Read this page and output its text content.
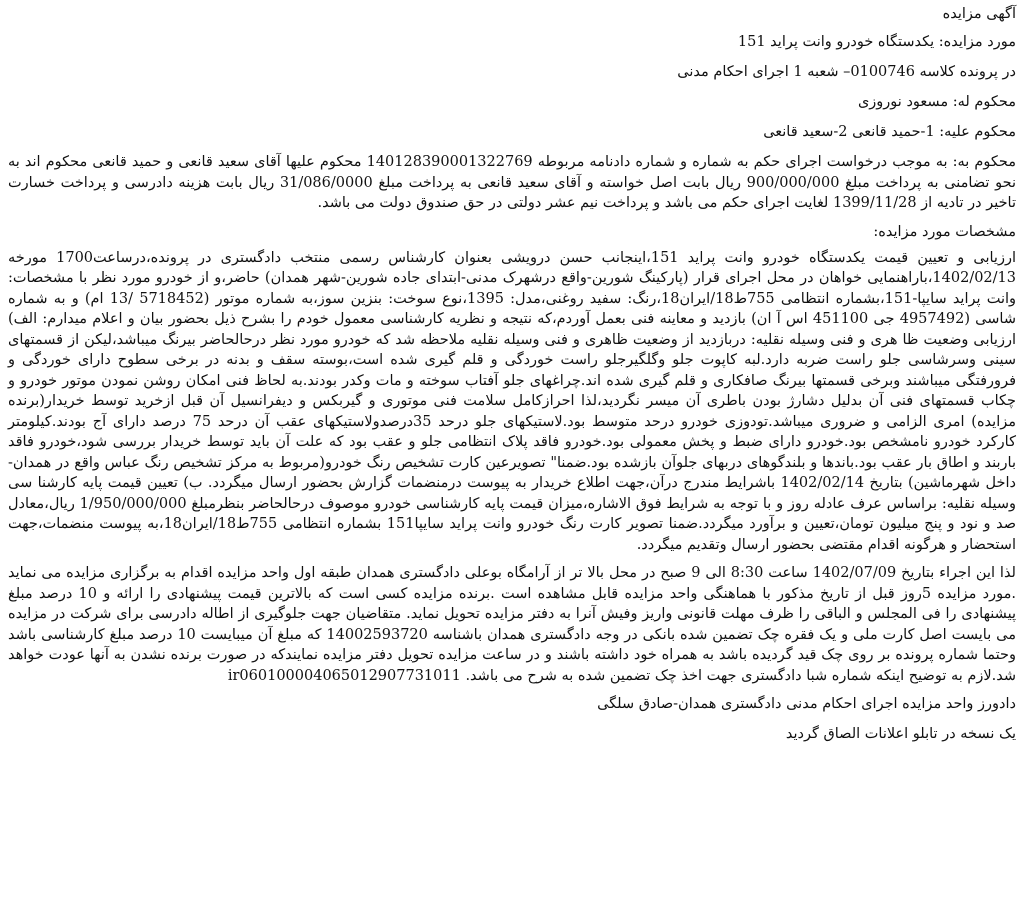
آگهی مزایده

مورد مزایده: یکدستگاه خودرو وانت پراید 151

در پرونده کلاسه 0100746– شعبه 1 اجرای احکام مدنی

محکوم له: مسعود نوروزی

محکوم علیه: 1-حمید قانعی 2-سعید قانعی

محکوم به: به موجب درخواست اجرای حکم به شماره و شماره دادنامه مربوطه 140128390001322769 محکوم علیها آقای سعید قانعی و حمید قانعی محکوم اند به نحو تضامنی به پرداخت مبلغ 900/000/000 ریال بابت اصل خواسته و آقای سعید قانعی به پرداخت مبلغ 31/086/0000 ریال بابت هزینه دادرسی و پرداخت خسارت تاخیر در تادیه از 1399/11/28 لغایت اجرای حکم می باشد و پرداخت نیم عشر دولتی در حق صندوق دولت می باشد.

مشخصات مورد مزایده:

ارزیابی و تعیین قیمت یکدستگاه خودرو وانت پراید 151،اینجانب حسن درویشی بعنوان کارشناس رسمی منتخب دادگستری در پرونده،درساعت1700 مورخه 1402/02/13،باراهنمایی خواهان در محل اجرای قرار (پارکینگ شورین-واقع درشهرک مدنی-ابتدای جاده شورین-شهر همدان) حاضر،و از خودرو مورد نظر با مشخصات: وانت پراید سایپا-151،بشماره انتظامی 755ط18/ایران18،رنگ: سفید روغنی،مدل: 1395،نوع سوخت: بنزین سوز،به شماره موتور (5718452 /13 ام) و به شماره شاسی (4957492 جی 451100 اس آ ان) بازدید و معاینه فنی بعمل آوردم،که نتیجه و نظریه کارشناسی معمول خودم را بشرح ذیل بحضور بیان و اعلام میدارم: الف) ارزیابی وضعیت ظا هری و فنی وسیله نقلیه: دربازدید از وضعیت ظاهری و فنی وسیله نقلیه ملاحظه شد که خودرو مورد نظر درحالحاضر بیرنگ میباشد،لیکن از قسمتهای سینی وسرشاسی جلو راست ضربه دارد.لبه کاپوت جلو وگلگیرجلو راست خوردگی و قلم گیری شده است،بوسته سقف و بدنه در برخی سطوح دارای خوردگی و فرورفتگی میباشند وبرخی قسمتها بیرنگ صافکاری و قلم گیری شده اند.چراغهای جلو آفتاب سوخته و مات وکدر بودند.به لحاظ فنی امکان روشن نمودن موتور خودرو و چکاب قسمتهای فنی آن بدلیل دشارژ بودن باطری آن میسر نگردید،لذا احرازکامل سلامت فنی موتوری و گیربکس و دیفرانسیل آن قبل ازخرید توسط خریدار(برنده مزایده) امری الزامی و ضروری میباشد.تودوزی خودرو درحد متوسط بود.لاستیکهای جلو درحد 35درصدولاستیکهای عقب آن درحد 75 درصد دارای آج بودند.کیلومتر کارکرد خودرو نامشخص بود.خودرو دارای ضبط و پخش معمولی بود.خودرو فاقد پلاک انتظامی جلو و عقب بود که علت آن باید توسط خریدار بررسی شود،خودرو فاقد باربند و اطاق بار عقب بود.باندها و بلندگوهای دربهای جلوآن بازشده بود.ضمنا" تصویرعین کارت تشخیص رنگ خودرو(مربوط به مرکز تشخیص رنگ عباس واقع در همدان-داخل شهرماشین) بتاریخ 1402/02/14 باشرایط مندرج درآن،جهت اطلاع خریدار به پیوست درمنضمات گزارش بحضور ارسال میگردد. ب) تعیین قیمت پایه کارشنا سی وسیله نقلیه: براساس عرف عادله روز و با توجه به شرایط فوق الاشاره،میزان قیمت پایه کارشناسی خودرو موصوف درحالحاضر بنظرمبلغ 1/950/000/000 ریال،معادل صد و نود و پنج میلیون تومان،تعیین و برآورد میگردد.ضمنا تصویر کارت رنگ خودرو وانت پراید سایپا151 بشماره انتظامی 755ط18/ایران18،به پیوست منضمات،جهت استحضار و هرگونه اقدام مقتضی بحضور ارسال وتقدیم میگردد.

لذا این اجراء بتاریخ 1402/07/09 ساعت 8:30 الی 9 صبح در محل بالا تر از آرامگاه بوعلی دادگستری همدان طبقه اول واحد مزایده اقدام به برگزاری مزایده می نماید .مورد مزایده 5روز قبل از تاریخ مذکور با هماهنگی واحد مزایده قابل مشاهده است .برنده مزایده کسی است که بالاترین قیمت پیشنهادی را ارائه و 10 درصد مبلغ پیشنهادی را فی المجلس و الباقی را ظرف مهلت قانونی واریز وفیش آنرا به دفتر مزایده تحویل نماید. متقاضیان جهت جلوگیری از اطاله دادرسی برای شرکت در مزایده می بایست اصل کارت ملی و یک فقره چک تضمین شده بانکی در وجه دادگستری همدان باشناسه 14002593720 که مبلغ آن میبایست 10 درصد مبلغ کارشناسی باشد وحتما شماره پرونده بر روی چک قید گردیده باشد به همراه خود داشته باشند و در ساعت مزایده تحویل دفتر مزایده نمایندکه در صورت برنده نشدن به آنها عودت خواهد شد.لازم به توضیح اینکه شماره شبا دادگستری جهت اخذ چک تضمین شده به شرح می باشد. ir060100004065012907731011

دادورز واحد مزایده اجرای احکام مدنی دادگستری همدان-صادق سلگی

یک نسخه در تابلو اعلانات الصاق گردید
